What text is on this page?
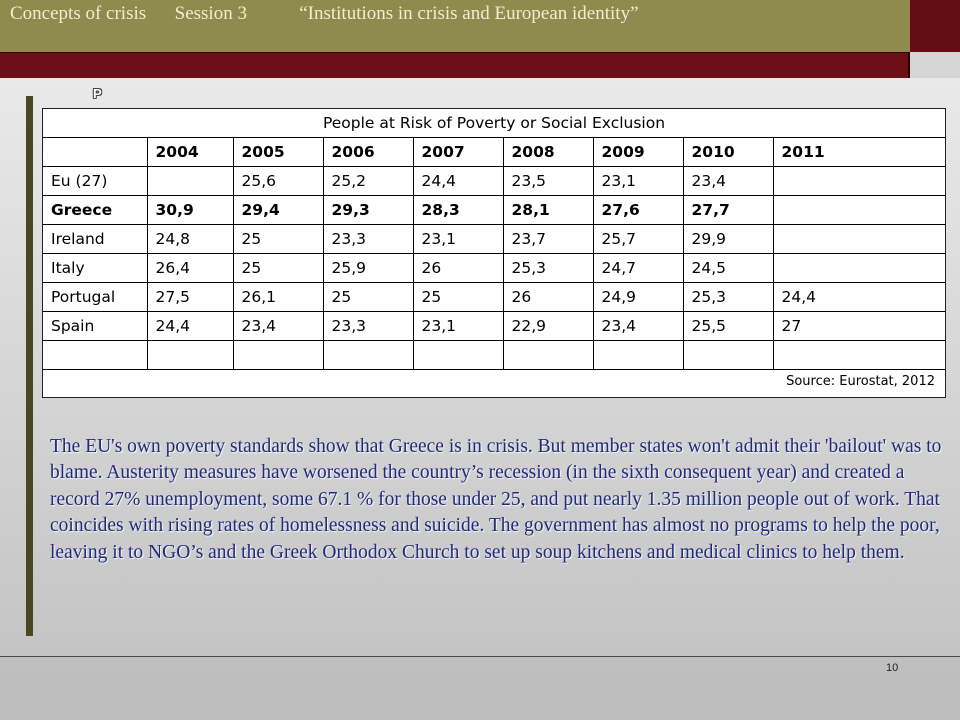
Concepts of crisis      Session 3           “Institutions in crisis and European identity”
P
People at Risk of Poverty or Social Exclusion								
	2004	2005	2006	2007	2008	2009	2010	2011
Eu (27)		25,6	25,2	24,4	23,5	23,1	23,4	
Greece	30,9	29,4	29,3	28,3	28,1	27,6	27,7	
Ireland	24,8	25	23,3	23,1	23,7	25,7	29,9	
Italy	26,4	25	25,9	26	25,3	24,7	24,5	
Portugal	27,5	26,1	25	25	26	24,9	25,3	24,4
Spain	24,4	23,4	23,3	23,1	22,9	23,4	25,5	27

Source: Eurostat, 2012
The EU's own poverty standards show that Greece is in crisis. But member states won't admit their 'bailout' was to blame. Austerity measures have worsened the country’s recession (in the sixth consequent year) and created a record 27% unemployment, some 67.1 % for those under 25, and put nearly 1.35 million people out of work. That coincides with rising rates of homelessness and suicide. The government has almost no programs to help the poor, leaving it to NGO’s and the Greek Orthodox Church to set up soup kitchens and medical clinics to help them.
10
